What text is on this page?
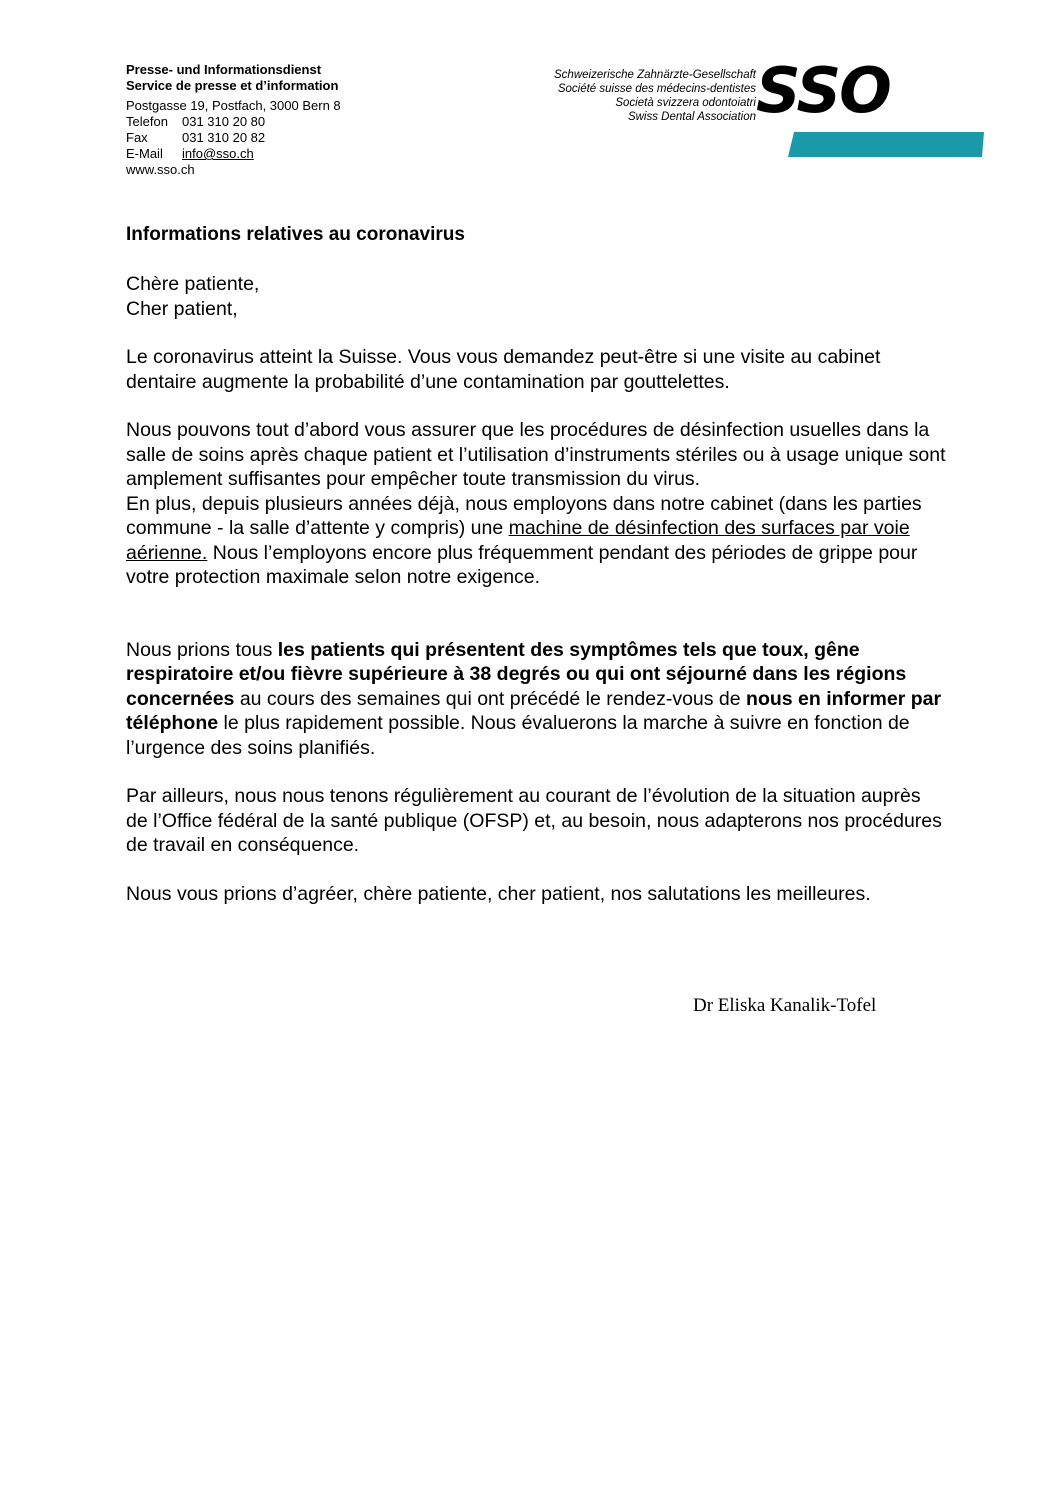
Presse- und Informationsdienst
Service de presse et d’information
Postgasse 19, Postfach, 3000 Bern 8
Telefon	031 310 20 80
Fax	031 310 20 82
E-Mail	info@sso.ch
www.sso.ch
Schweizerische Zahnärzte-Gesellschaft
Société suisse des médecins-dentistes
Società svizzera odontoiatri
Swiss Dental Association SSO
Informations relatives au coronavirus

Chère patiente,

Cher patient,

Le coronavirus atteint la Suisse. Vous vous demandez peut-être si une visite au cabinet dentaire augmente la probabilité d’une contamination par gouttelettes.

Nous pouvons tout d’abord vous assurer que les procédures de désinfection usuelles dans la salle de soins après chaque patient et l’utilisation d’instruments stériles ou à usage unique sont amplement suffisantes pour empêcher toute transmission du virus.

En plus, depuis plusieurs années déjà, nous employons dans notre cabinet (dans les parties commune - la salle d’attente y compris) une machine de désinfection des surfaces par voie aérienne. Nous l’employons encore plus fréquemment pendant des périodes de grippe pour votre protection maximale selon notre exigence.

Nous prions tous les patients qui présentent des symptômes tels que toux, gêne respiratoire et/ou fièvre supérieure à 38 degrés ou qui ont séjourné dans les régions concernées au cours des semaines qui ont précédé le rendez-vous de nous en informer par téléphone le plus rapidement possible. Nous évaluerons la marche à suivre en fonction de l’urgence des soins planifiés.

Par ailleurs, nous nous tenons régulièrement au courant de l’évolution de la situation auprès de l’Office fédéral de la santé publique (OFSP) et, au besoin, nous adapterons nos procédures de travail en conséquence.

Nous vous prions d’agréer, chère patiente, cher patient, nos salutations les meilleures.

Dr Eliska Kanalik-Tofel
